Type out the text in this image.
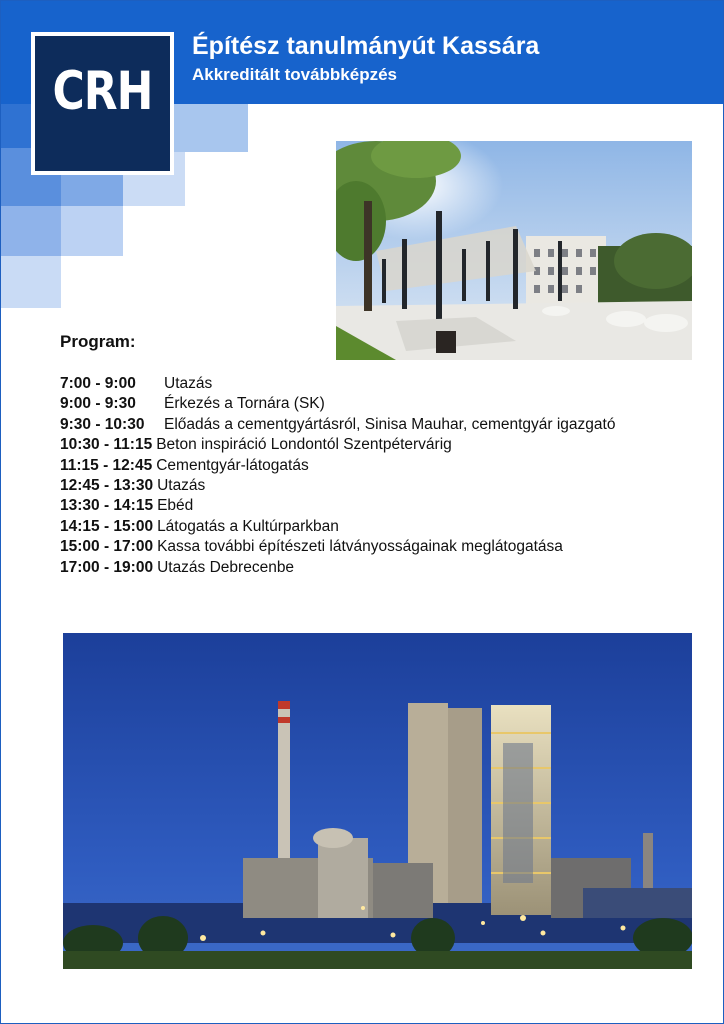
CRH
Építész tanulmányút Kassára
Akkreditált továbbképzés
Program:
7:00 - 9:00	Utazás
9:00 - 9:30	Érkezés a Tornára (SK)
9:30 - 10:30	Előadás a cementgyártásról, Sinisa Mauhar, cementgyár igazgató
10:30 - 11:15 Beton inspiráció Londontól Szentpétervárig
11:15 - 12:45 Cementgyár-látogatás
12:45 - 13:30 Utazás
13:30 - 14:15 Ebéd
14:15 - 15:00 Látogatás a Kultúrparkban
15:00 - 17:00 Kassa további építészeti látványosságainak meglátogatása
17:00 - 19:00 Utazás Debrecenbe
